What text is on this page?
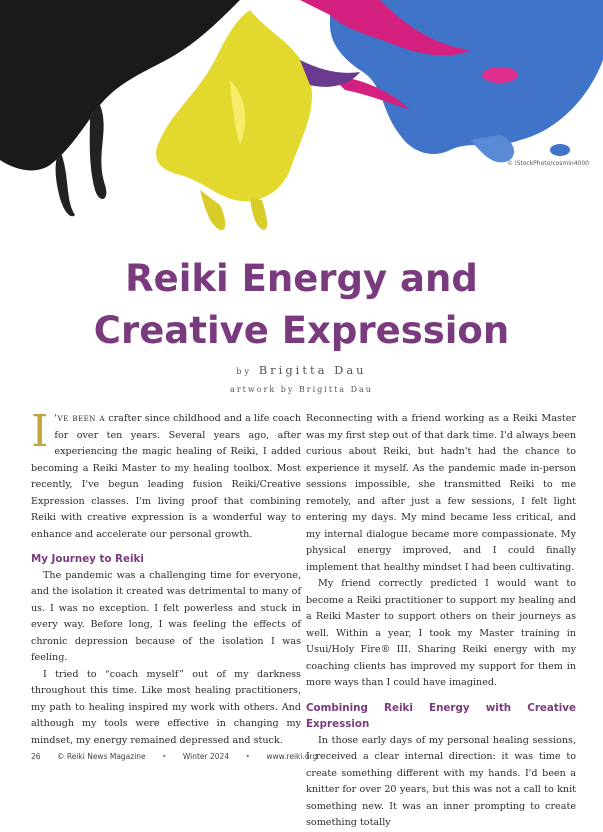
© iStockPhoto/cosmin4000
Reiki Energy and
Creative Expression
by Brigitta Dau
artwork by Brigitta Dau

I 've been a crafter since childhood and a life coach for over ten years. Several years ago, after experiencing the magic healing of Reiki, I added becoming a Reiki Master to my healing toolbox. Most recently, I've begun leading fusion Reiki/Creative Expression classes. I'm living proof that combining Reiki with creative expression is a wonderful way to enhance and accelerate our personal growth.

My Journey to Reiki

The pandemic was a challenging time for everyone, and the isolation it created was detrimental to many of us. I was no exception. I felt powerless and stuck in every way. Before long, I was feeling the effects of chronic depression because of the isolation I was feeling.

I tried to “coach myself” out of my darkness throughout this time. Like most healing practitioners, my path to healing inspired my work with others. And although my tools were effective in changing my mindset, my energy remained depressed and stuck.

Reconnecting with a friend working as a Reiki Master was my first step out of that dark time. I'd always been curious about Reiki, but hadn't had the chance to experience it myself. As the pandemic made in-person sessions impossible, she transmitted Reiki to me remotely, and after just a few sessions, I felt light entering my days. My mind became less critical, and my internal dialogue became more compassionate. My physical energy improved, and I could finally implement that healthy mindset I had been cultivating.

My friend correctly predicted I would want to become a Reiki practitioner to support my healing and a Reiki Master to support others on their journeys as well. Within a year, I took my Master training in Usui/Holy Fire® III. Sharing Reiki energy with my coaching clients has improved my support for them in more ways than I could have imagined.

Combining Reiki Energy with Creative Expression

In those early days of my personal healing sessions, I received a clear internal direction: it was time to create something different with my hands. I'd been a knitter for over 20 years, but this was not a call to knit something new. It was an inner prompting to create something totally

26 © Reiki News Magazine • Winter 2024 • www.reiki.org
